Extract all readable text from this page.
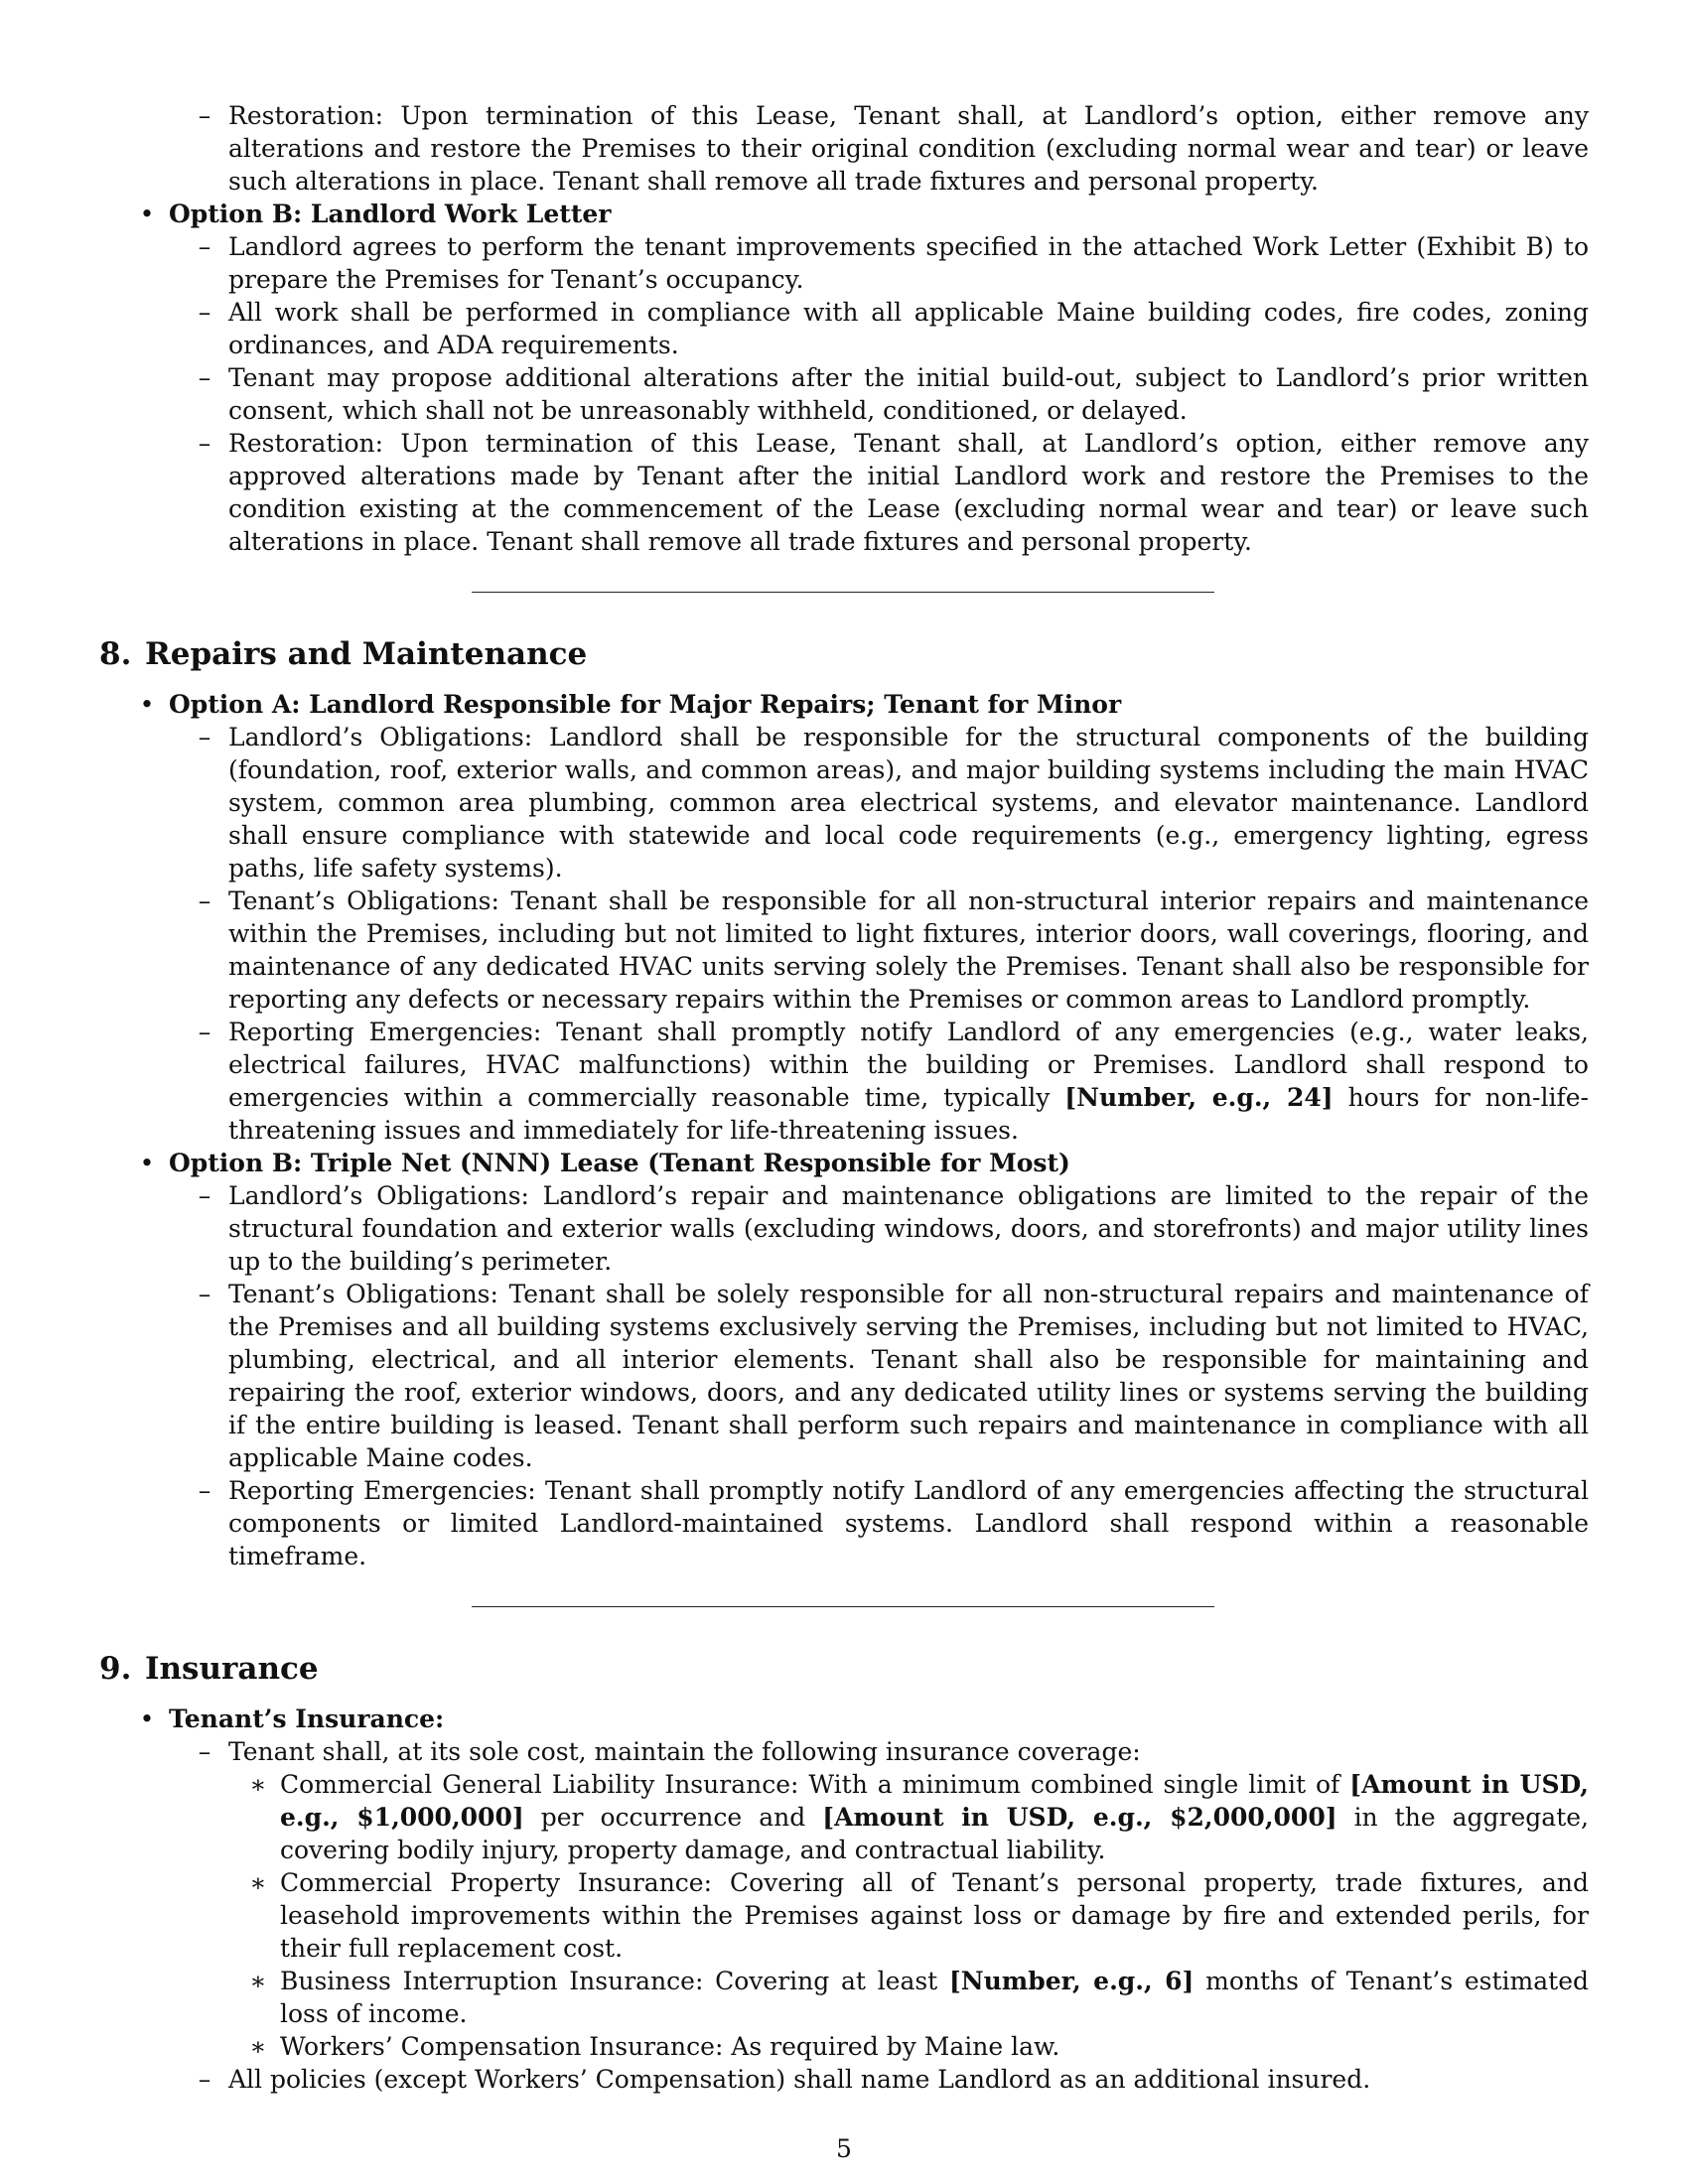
– Restoration: Upon termination of this Lease, Tenant shall, at Landlord’s option, either remove any alterations and restore the Premises to their original condition (excluding normal wear and tear) or leave such alterations in place. Tenant shall remove all trade fixtures and personal property.
• Option B: Landlord Work Letter
– Landlord agrees to perform the tenant improvements specified in the attached Work Letter (Exhibit B) to prepare the Premises for Tenant’s occupancy.
– All work shall be performed in compliance with all applicable Maine building codes, fire codes, zoning ordinances, and ADA requirements.
– Tenant may propose additional alterations after the initial build-out, subject to Landlord’s prior written consent, which shall not be unreasonably withheld, conditioned, or delayed.
– Restoration: Upon termination of this Lease, Tenant shall, at Landlord’s option, either remove any approved alterations made by Tenant after the initial Landlord work and restore the Premises to the condition existing at the commencement of the Lease (excluding normal wear and tear) or leave such alterations in place. Tenant shall remove all trade fixtures and personal property.
8. Repairs and Maintenance
• Option A: Landlord Responsible for Major Repairs; Tenant for Minor
– Landlord’s Obligations: Landlord shall be responsible for the structural components of the building (foundation, roof, exterior walls, and common areas), and major building systems including the main HVAC system, common area plumbing, common area electrical systems, and elevator maintenance. Landlord shall ensure compliance with statewide and local code requirements (e.g., emergency lighting, egress paths, life safety systems).
– Tenant’s Obligations: Tenant shall be responsible for all non-structural interior repairs and maintenance within the Premises, including but not limited to light fixtures, interior doors, wall coverings, flooring, and maintenance of any dedicated HVAC units serving solely the Premises. Tenant shall also be responsible for reporting any defects or necessary repairs within the Premises or common areas to Landlord promptly.
– Reporting Emergencies: Tenant shall promptly notify Landlord of any emergencies (e.g., water leaks, electrical failures, HVAC malfunctions) within the building or Premises. Landlord shall respond to emergencies within a commercially reasonable time, typically [Number, e.g., 24] hours for non-life-threatening issues and immediately for life-threatening issues.
• Option B: Triple Net (NNN) Lease (Tenant Responsible for Most)
– Landlord’s Obligations: Landlord’s repair and maintenance obligations are limited to the repair of the structural foundation and exterior walls (excluding windows, doors, and storefronts) and major utility lines up to the building’s perimeter.
– Tenant’s Obligations: Tenant shall be solely responsible for all non-structural repairs and maintenance of the Premises and all building systems exclusively serving the Premises, including but not limited to HVAC, plumbing, electrical, and all interior elements. Tenant shall also be responsible for maintaining and repairing the roof, exterior windows, doors, and any dedicated utility lines or systems serving the building if the entire building is leased. Tenant shall perform such repairs and maintenance in compliance with all applicable Maine codes.
– Reporting Emergencies: Tenant shall promptly notify Landlord of any emergencies affecting the structural components or limited Landlord-maintained systems. Landlord shall respond within a reasonable timeframe.
9. Insurance
• Tenant’s Insurance:
– Tenant shall, at its sole cost, maintain the following insurance coverage:
∗ Commercial General Liability Insurance: With a minimum combined single limit of [Amount in USD, e.g., $1,000,000] per occurrence and [Amount in USD, e.g., $2,000,000] in the aggregate, covering bodily injury, property damage, and contractual liability.
∗ Commercial Property Insurance: Covering all of Tenant’s personal property, trade fixtures, and leasehold improvements within the Premises against loss or damage by fire and extended perils, for their full replacement cost.
∗ Business Interruption Insurance: Covering at least [Number, e.g., 6] months of Tenant’s estimated loss of income.
∗ Workers’ Compensation Insurance: As required by Maine law.
– All policies (except Workers’ Compensation) shall name Landlord as an additional insured.
5
